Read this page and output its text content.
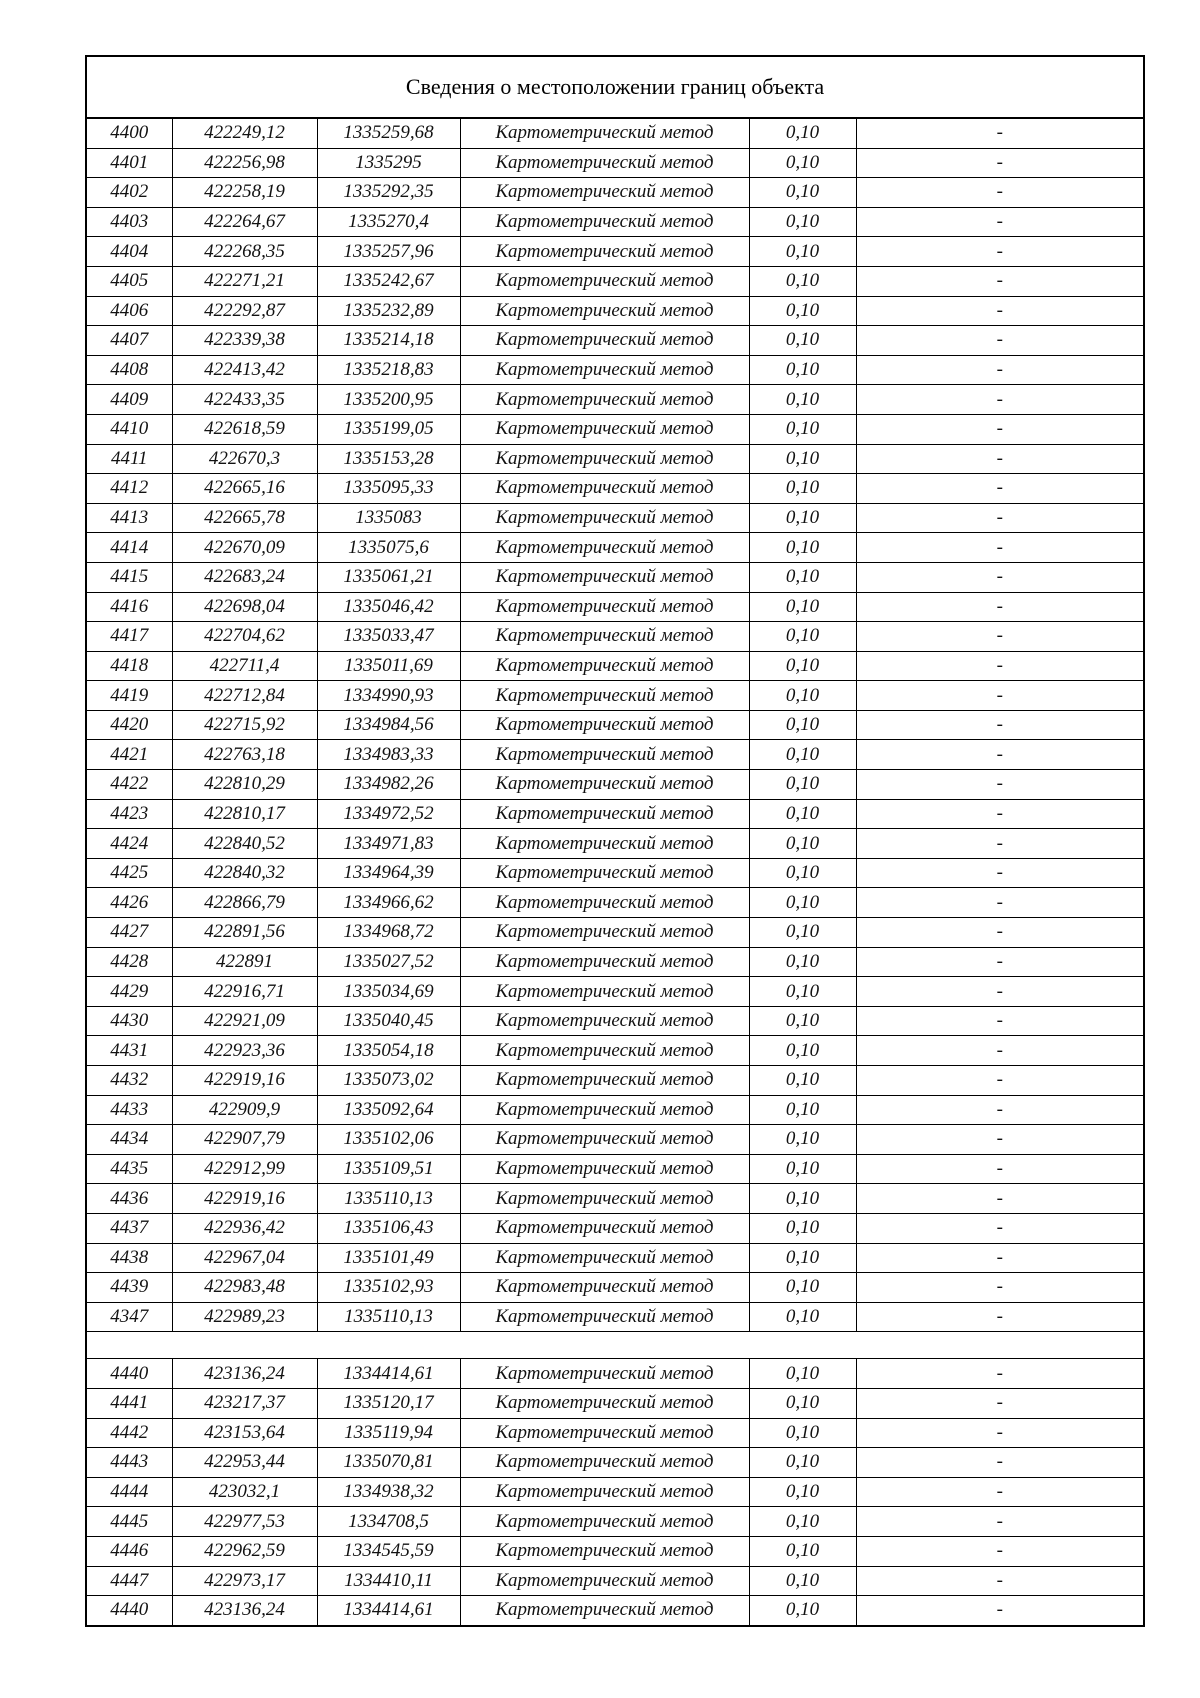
Сведения о местоположении границ объекта
4400	422249,12	1335259,68	Картометрический метод	0,10	-
4401	422256,98	1335295	Картометрический метод	0,10	-
4402	422258,19	1335292,35	Картометрический метод	0,10	-
4403	422264,67	1335270,4	Картометрический метод	0,10	-
4404	422268,35	1335257,96	Картометрический метод	0,10	-
4405	422271,21	1335242,67	Картометрический метод	0,10	-
4406	422292,87	1335232,89	Картометрический метод	0,10	-
4407	422339,38	1335214,18	Картометрический метод	0,10	-
4408	422413,42	1335218,83	Картометрический метод	0,10	-
4409	422433,35	1335200,95	Картометрический метод	0,10	-
4410	422618,59	1335199,05	Картометрический метод	0,10	-
4411	422670,3	1335153,28	Картометрический метод	0,10	-
4412	422665,16	1335095,33	Картометрический метод	0,10	-
4413	422665,78	1335083	Картометрический метод	0,10	-
4414	422670,09	1335075,6	Картометрический метод	0,10	-
4415	422683,24	1335061,21	Картометрический метод	0,10	-
4416	422698,04	1335046,42	Картометрический метод	0,10	-
4417	422704,62	1335033,47	Картометрический метод	0,10	-
4418	422711,4	1335011,69	Картометрический метод	0,10	-
4419	422712,84	1334990,93	Картометрический метод	0,10	-
4420	422715,92	1334984,56	Картометрический метод	0,10	-
4421	422763,18	1334983,33	Картометрический метод	0,10	-
4422	422810,29	1334982,26	Картометрический метод	0,10	-
4423	422810,17	1334972,52	Картометрический метод	0,10	-
4424	422840,52	1334971,83	Картометрический метод	0,10	-
4425	422840,32	1334964,39	Картометрический метод	0,10	-
4426	422866,79	1334966,62	Картометрический метод	0,10	-
4427	422891,56	1334968,72	Картометрический метод	0,10	-
4428	422891	1335027,52	Картометрический метод	0,10	-
4429	422916,71	1335034,69	Картометрический метод	0,10	-
4430	422921,09	1335040,45	Картометрический метод	0,10	-
4431	422923,36	1335054,18	Картометрический метод	0,10	-
4432	422919,16	1335073,02	Картометрический метод	0,10	-
4433	422909,9	1335092,64	Картометрический метод	0,10	-
4434	422907,79	1335102,06	Картометрический метод	0,10	-
4435	422912,99	1335109,51	Картометрический метод	0,10	-
4436	422919,16	1335110,13	Картометрический метод	0,10	-
4437	422936,42	1335106,43	Картометрический метод	0,10	-
4438	422967,04	1335101,49	Картометрический метод	0,10	-
4439	422983,48	1335102,93	Картометрический метод	0,10	-
4347	422989,23	1335110,13	Картометрический метод	0,10	-

4440	423136,24	1334414,61	Картометрический метод	0,10	-
4441	423217,37	1335120,17	Картометрический метод	0,10	-
4442	423153,64	1335119,94	Картометрический метод	0,10	-
4443	422953,44	1335070,81	Картометрический метод	0,10	-
4444	423032,1	1334938,32	Картометрический метод	0,10	-
4445	422977,53	1334708,5	Картометрический метод	0,10	-
4446	422962,59	1334545,59	Картометрический метод	0,10	-
4447	422973,17	1334410,11	Картометрический метод	0,10	-
4440	423136,24	1334414,61	Картометрический метод	0,10	-
